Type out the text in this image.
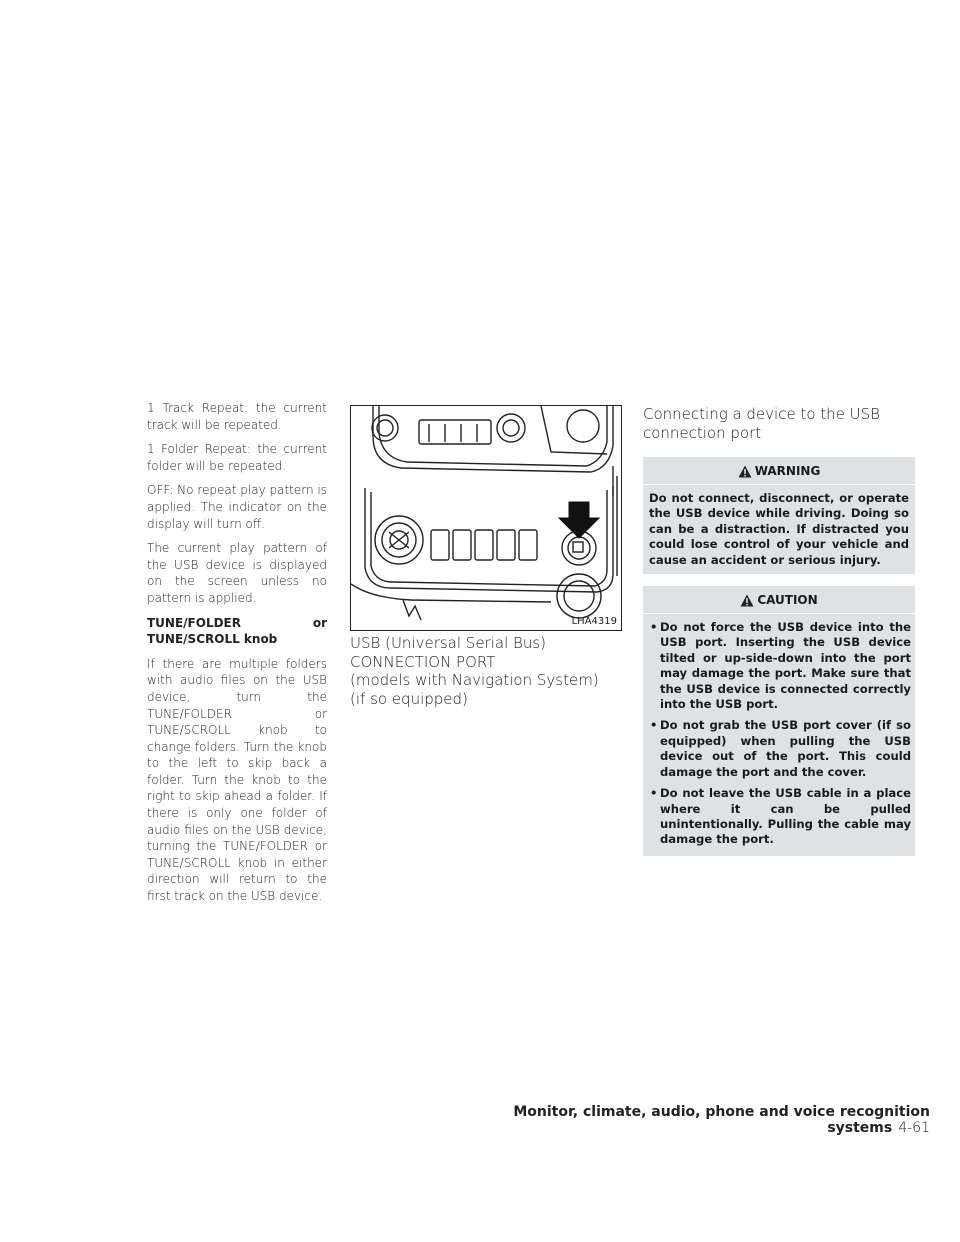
1 Track Repeat: the current track will be repeated.

1 Folder Repeat: the current folder will be repeated.

OFF: No repeat play pattern is applied. The indicator on the display will turn off.

The current play pattern of the USB device is displayed on the screen unless no pattern is applied.

TUNE/FOLDER or TUNE/SCROLL knob

If there are multiple folders with audio files on the USB device, turn the TUNE/FOLDER or TUNE/SCROLL knob to change folders. Turn the knob to the left to skip back a folder. Turn the knob to the right to skip ahead a folder. If there is only one folder of audio files on the USB device, turning the TUNE/FOLDER or TUNE/SCROLL knob in either direction will return to the first track on the USB device.

LHA4319
USB (Universal Serial Bus)
CONNECTION PORT
(models with Navigation System)
(if so equipped)
Connecting a device to the USB
connection port
WARNING
Do not connect, disconnect, or operate the USB device while driving. Doing so can be a distraction. If distracted you could lose control of your vehicle and cause an accident or serious injury.
CAUTION
• Do not force the USB device into the USB port. Inserting the USB device tilted or up-side-down into the port may damage the port. Make sure that the USB device is connected correctly into the USB port.
• Do not grab the USB port cover (if so equipped) when pulling the USB device out of the port. This could damage the port and the cover.
• Do not leave the USB cable in a place where it can be pulled unintentionally. Pulling the cable may damage the port.
Monitor, climate, audio, phone and voice recognition systems 4-61
